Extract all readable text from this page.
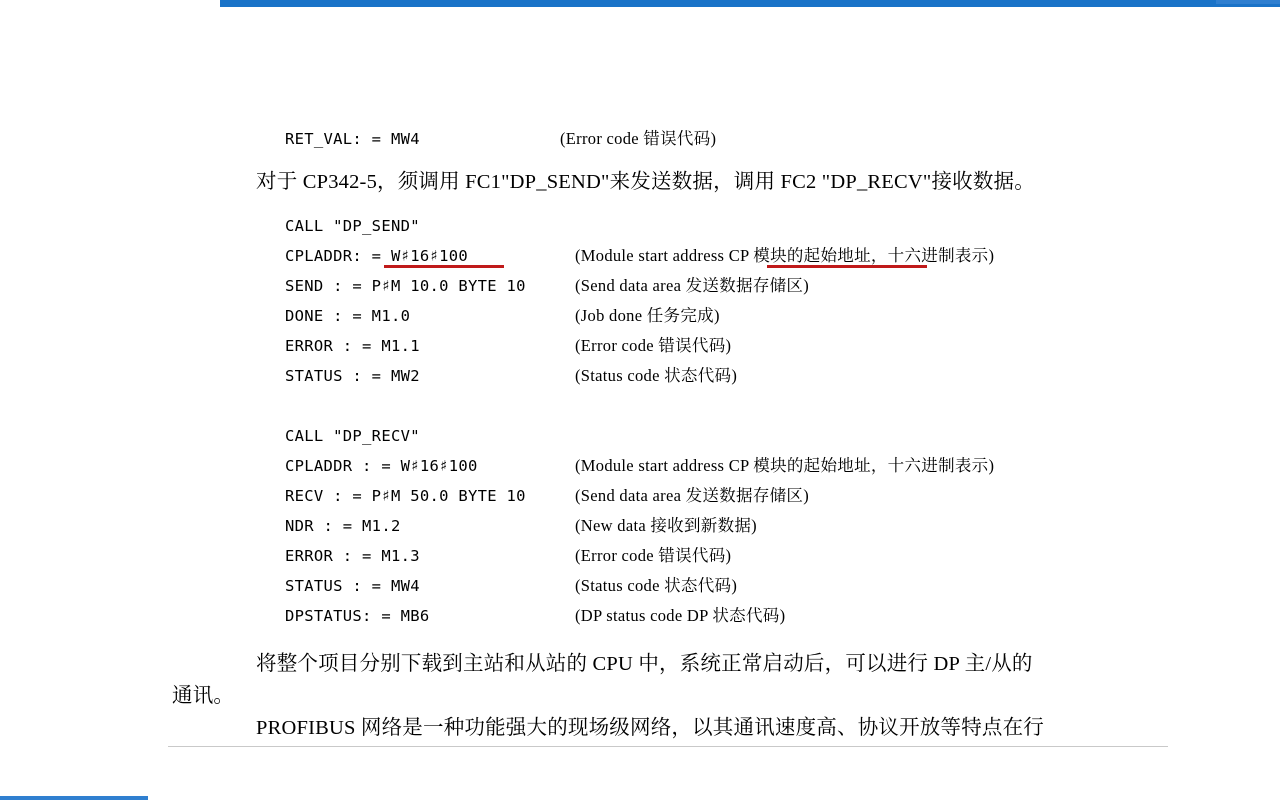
RET_VAL: = MW4	(Error code 错误代码)
对于 CP342-5，须调用 FC1"DP_SEND"来发送数据，调用 FC2 "DP_RECV"接收数据。
CALL "DP_SEND"
CPLADDR: = W♯16♯100	(Module start address CP 模块的起始地址，十六进制表示)
SEND : = P♯M 10.0 BYTE 10	(Send data area 发送数据存储区)
DONE : = M1.0	(Job done 任务完成)
ERROR : = M1.1	(Error code 错误代码)
STATUS : = MW2	(Status code 状态代码)
CALL "DP_RECV"
CPLADDR : = W♯16♯100	(Module start address CP 模块的起始地址，十六进制表示)
RECV : = P♯M 50.0 BYTE 10	(Send data area 发送数据存储区)
NDR : = M1.2	(New data 接收到新数据)
ERROR : = M1.3	(Error code 错误代码)
STATUS : = MW4	(Status code 状态代码)
DPSTATUS: = MB6	(DP status code DP 状态代码)
将整个项目分别下载到主站和从站的 CPU 中，系统正常启动后，可以进行 DP 主/从的
通讯。
PROFIBUS 网络是一种功能强大的现场级网络，以其通讯速度高、协议开放等特点在行
